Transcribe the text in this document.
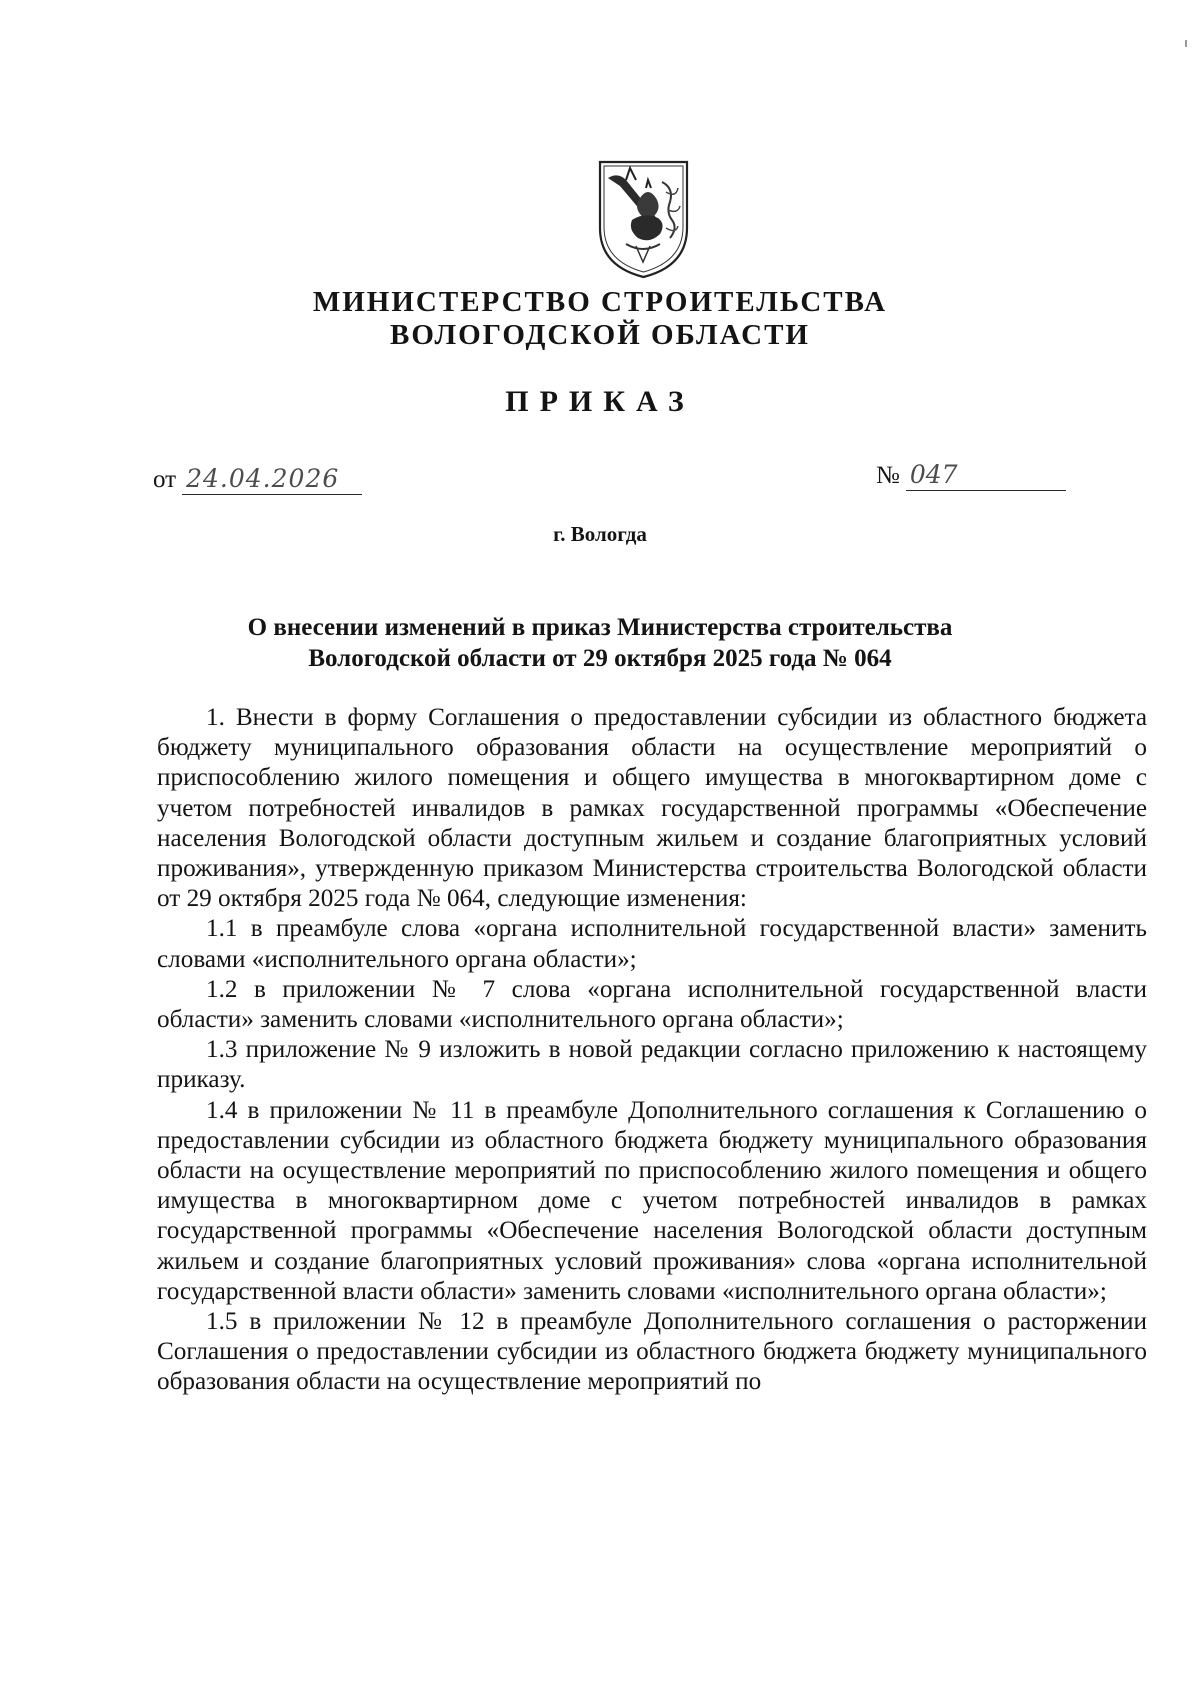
МИНИСТЕРСТВО СТРОИТЕЛЬСТВА
ВОЛОГОДСКОЙ ОБЛАСТИ
ПРИКАЗ
от 24.04.2026	№ 047
г. Вологда
О внесении изменений в приказ Министерства строительства
Вологодской области от 29 октября 2025 года № 064

1. Внести в форму Соглашения о предоставлении субсидии из областного бюджета бюджету муниципального образования области на осуществление мероприятий о приспособлению жилого помещения и общего имущества в многоквартирном доме с учетом потребностей инвалидов в рамках государственной программы «Обеспечение населения Вологодской области доступным жильем и создание благоприятных условий проживания», утвержденную приказом Министерства строительства Вологодской области от 29 октября 2025 года № 064, следующие изменения:

1.1 в преамбуле слова «органа исполнительной государственной власти» заменить словами «исполнительного органа области»;

1.2 в приложении № 7 слова «органа исполнительной государственной власти области» заменить словами «исполнительного органа области»;

1.3 приложение № 9 изложить в новой редакции согласно приложению к настоящему приказу.

1.4 в приложении № 11 в преамбуле Дополнительного соглашения к Соглашению о предоставлении субсидии из областного бюджета бюджету муниципального образования области на осуществление мероприятий по приспособлению жилого помещения и общего имущества в многоквартирном доме с учетом потребностей инвалидов в рамках государственной программы «Обеспечение населения Вологодской области доступным жильем и создание благоприятных условий проживания» слова «органа исполнительной государственной власти области» заменить словами «исполнительного органа области»;

1.5 в приложении № 12 в преамбуле Дополнительного соглашения о расторжении Соглашения о предоставлении субсидии из областного бюджета бюджету муниципального образования области на осуществление мероприятий по
